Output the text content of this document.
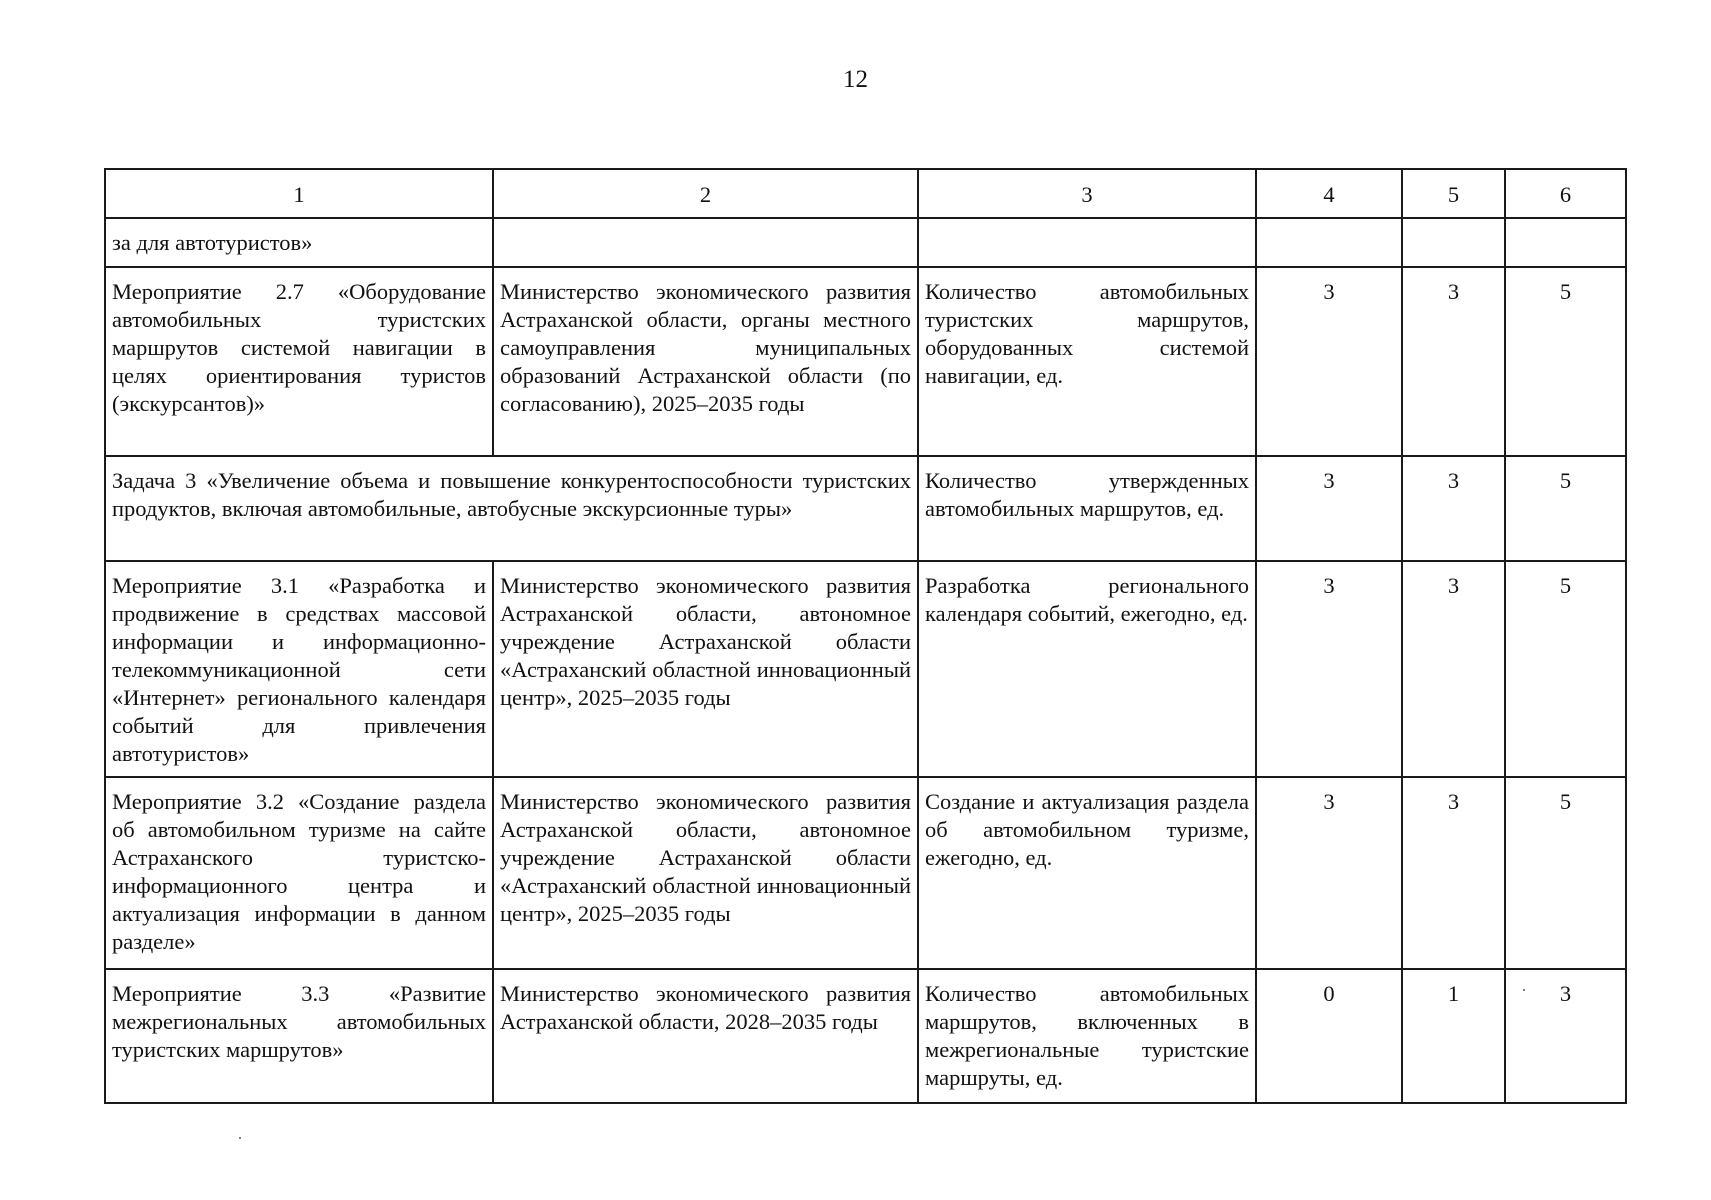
12
1	2	3	4	5	6
за для автотуристов»					
Мероприятие 2.7 «Оборудование автомобильных туристских маршрутов системой навигации в целях ориентирования туристов (экскурсантов)»	Министерство экономического развития Астраханской области, органы местного самоуправления муниципальных образований Астраханской области (по согласованию), 2025–2035 годы	Количество автомобильных туристских маршрутов, оборудованных системой навигации, ед.	3	3	5
Задача 3 «Увеличение объема и повышение конкурентоспособности туристских продуктов, включая автомобильные, автобусные экскурсионные туры»		Количество утвержденных автомобильных маршрутов, ед.	3	3	5
Мероприятие 3.1 «Разработка и продвижение в средствах массовой информации и информационно-телекоммуникационной сети «Интернет» регионального календаря событий для привлечения автотуристов»	Министерство экономического развития Астраханской области, автономное учреждение Астраханской области «Астраханский областной инновационный центр», 2025–2035 годы	Разработка регионального календаря событий, ежегодно, ед.	3	3	5
Мероприятие 3.2 «Создание раздела об автомобильном туризме на сайте Астраханского туристско-информационного центра и актуализация информации в данном разделе»	Министерство экономического развития Астраханской области, автономное учреждение Астраханской области «Астраханский областной инновационный центр», 2025–2035 годы	Создание и актуализация раздела об автомобильном туризме, ежегодно, ед.	3	3	5
Мероприятие 3.3 «Развитие межрегиональных автомобильных туристских маршрутов»	Министерство экономического развития Астраханской области, 2028–2035 годы	Количество автомобильных маршрутов, включенных в межрегиональные туристские маршруты, ед.	0	1	3
